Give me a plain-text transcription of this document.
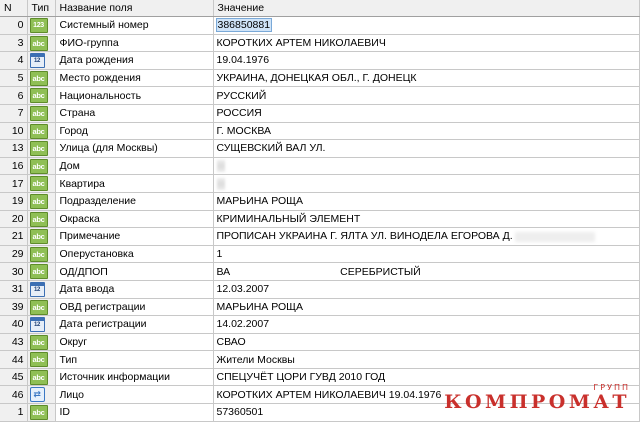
N	Тип	Название поля	Значение
0	123	Системный номер	386850881
3	abc	ФИО-группа	КОРОТКИХ АРТЕМ НИКОЛАЕВИЧ
4	12	Дата рождения	19.04.1976
5	abc	Место рождения	УКРАИНА, ДОНЕЦКАЯ ОБЛ., Г. ДОНЕЦК
6	abc	Национальность	РУССКИЙ
7	abc	Страна	РОССИЯ
10	abc	Город	Г. МОСКВА
13	abc	Улица (для Москвы)	СУЩЕВСКИЙ ВАЛ УЛ.
16	abc	Дом	
17	abc	Квартира	
19	abc	Подразделение	МАРЬИНА РОЩА
20	abc	Окраска	КРИМИНАЛЬНЫЙ ЭЛЕМЕНТ
21	abc	Примечание	ПРОПИСАН УКРАИНА Г. ЯЛТА УЛ. ВИНОДЕЛА ЕГОРОВА Д.
29	abc	Оперустановка	1
30	abc	ОД/ДПОП	ВА СЕРЕБРИСТЫЙ
31	12	Дата ввода	12.03.2007
39	abc	ОВД регистрации	МАРЬИНА РОЩА
40	12	Дата регистрации	14.02.2007
43	abc	Округ	СВАО
44	abc	Тип	Жители Москвы
45	abc	Источник информации	СПЕЦУЧЁТ ЦОРИ ГУВД 2010 ГОД
46	⇄	Лицо	КОРОТКИХ АРТЕМ НИКОЛАЕВИЧ 19.04.1976
1	abc	ID	57360501
ГРУПП
КОМПРОМАТ
